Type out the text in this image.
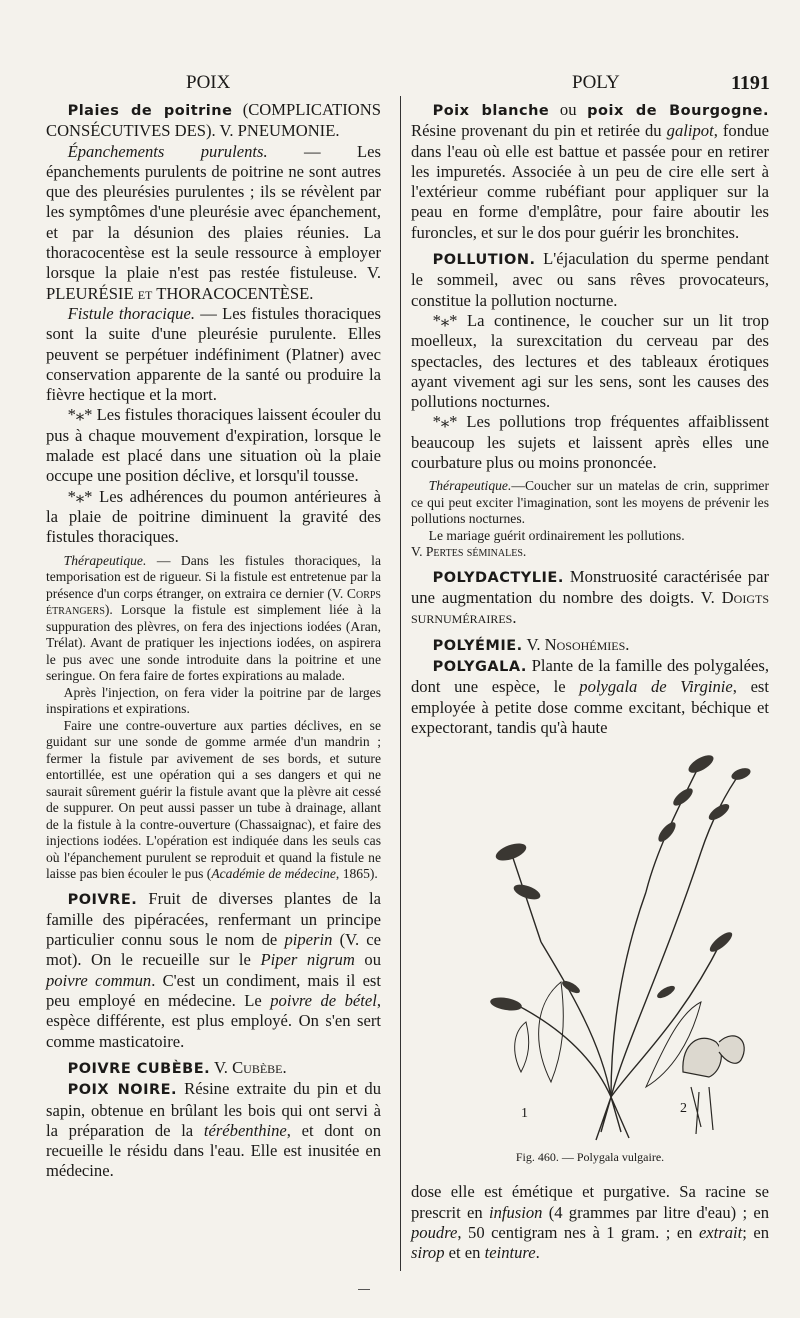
POIX	POLY	1191

Plaies de poitrine (COMPLICATIONS CONSÉCUTIVES DES). V. PNEUMONIE.

Épanchements purulents. — Les épanchements purulents de poitrine ne sont autres que des pleurésies purulentes ; ils se révèlent par les symptômes d'une pleurésie avec épanchement, et par la désunion des plaies réunies. La thoracocentèse est la seule ressource à employer lorsque la plaie n'est pas restée fistuleuse. V. PLEURÉSIE et THORACOCENTÈSE.

Fistule thoracique. — Les fistules thoraciques sont la suite d'une pleurésie purulente. Elles peuvent se perpétuer indéfiniment (Platner) avec conservation apparente de la santé ou produire la fièvre hectique et la mort.

*⁎* Les fistules thoraciques laissent écouler du pus à chaque mouvement d'expiration, lorsque le malade est placé dans une situation où la plaie occupe une position déclive, et lorsqu'il tousse.

*⁎* Les adhérences du poumon antérieures à la plaie de poitrine diminuent la gravité des fistules thoraciques.

Thérapeutique. — Dans les fistules thoraciques, la temporisation est de rigueur. Si la fistule est entretenue par la présence d'un corps étranger, on extraira ce dernier (V. Corps étrangers). Lorsque la fistule est simplement liée à la suppuration des plèvres, on fera des injections iodées (Aran, Trélat). Avant de pratiquer les injections iodées, on aspirera le pus avec une sonde introduite dans la poitrine et une seringue. On fera faire de fortes expirations au malade.

Après l'injection, on fera vider la poitrine par de larges inspirations et expirations.

Faire une contre-ouverture aux parties déclives, en se guidant sur une sonde de gomme armée d'un mandrin ; fermer la fistule par avivement de ses bords, et suture entortillée, est une opération qui a ses dangers et qui ne saurait sûrement guérir la fistule avant que la plèvre ait cessé de suppurer. On peut aussi passer un tube à drainage, allant de la fistule à la contre-ouverture (Chassaignac), et faire des injections iodées. L'opération est indiquée dans les seuls cas où l'épanchement purulent se reproduit et quand la fistule ne laisse pas bien écouler le pus (Académie de médecine, 1865).

POIVRE. Fruit de diverses plantes de la famille des pipéracées, renfermant un principe particulier connu sous le nom de piperin (V. ce mot). On le recueille sur le Piper nigrum ou poivre commun. C'est un condiment, mais il est peu employé en médecine. Le poivre de bétel, espèce différente, est plus employé. On s'en sert comme masticatoire.

POIVRE CUBÈBE. V. Cubèbe.

POIX NOIRE. Résine extraite du pin et du sapin, obtenue en brûlant les bois qui ont servi à la préparation de la térébenthine, et dont on recueille le résidu dans l'eau. Elle est inusitée en médecine.

Poix blanche ou poix de Bourgogne. Résine provenant du pin et retirée du galipot, fondue dans l'eau où elle est battue et passée pour en retirer les impuretés. Associée à un peu de cire elle sert à l'extérieur comme rubéfiant pour appliquer sur la peau en forme d'emplâtre, pour faire aboutir les furoncles, et sur le dos pour guérir les bronchites.

POLLUTION. L'éjaculation du sperme pendant le sommeil, avec ou sans rêves provocateurs, constitue la pollution nocturne.

*⁎* La continence, le coucher sur un lit trop moelleux, la surexcitation du cerveau par des spectacles, des lectures et des tableaux érotiques ayant vivement agi sur les sens, sont les causes des pollutions nocturnes.

*⁎* Les pollutions trop fréquentes affaiblissent beaucoup les sujets et laissent après elles une courbature plus ou moins prononcée.

Thérapeutique.—Coucher sur un matelas de crin, supprimer ce qui peut exciter l'imagination, sont les moyens de prévenir les pollutions nocturnes.

Le mariage guérit ordinairement les pollutions.
V. Pertes séminales.

POLYDACTYLIE. Monstruosité caractérisée par une augmentation du nombre des doigts. V. Doigts surnuméraires.

POLYÉMIE. V. Nosohémies.

POLYGALA. Plante de la famille des polygalées, dont une espèce, le polygala de Virginie, est employée à petite dose comme excitant, béchique et expectorant, tandis qu'à haute

1	2
Fig. 460. — Polygala vulgaire.

dose elle est émétique et purgative. Sa racine se prescrit en infusion (4 grammes par litre d'eau) ; en poudre, 50 centigram nes à 1 gram. ; en extrait; en sirop et en teinture.
